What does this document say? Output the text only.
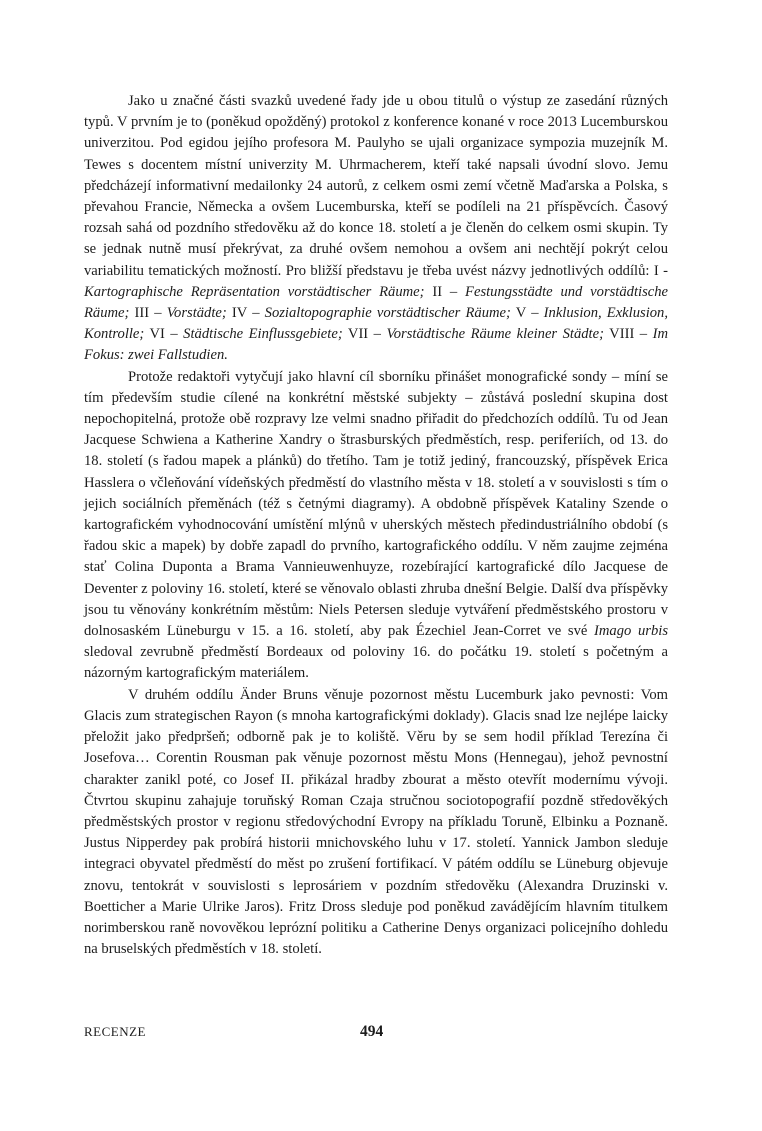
Jako u značné části svazků uvedené řady jde u obou titulů o výstup ze zasedání různých typů. V prvním je to (poněkud opožděný) protokol z konference konané v roce 2013 Lucemburskou univerzitou. Pod egidou jejího profesora M. Paulyho se ujali organizace sympozia muzejník M. Tewes s docentem místní univerzity M. Uhrmacherem, kteří také napsali úvodní slovo. Jemu předcházejí informativní medailonky 24 autorů, z celkem osmi zemí včetně Maďarska a Polska, s převahou Francie, Německa a ovšem Lucemburska, kteří se podíleli na 21 příspěvcích. Časový rozsah sahá od pozdního středověku až do konce 18. století a je členěn do celkem osmi skupin. Ty se jednak nutně musí překrývat, za druhé ovšem nemohou a ovšem ani nechtějí pokrýt celou variabilitu tematických možností. Pro bližší představu je třeba uvést názvy jednotlivých oddílů: I - Kartographische Repräsentation vorstädtischer Räume; II – Festungsstädte und vorstädtische Räume; III – Vorstädte; IV – Sozialtopographie vorstädtischer Räume; V – Inklusion, Exklusion, Kontrolle; VI – Städtische Einflussgebiete; VII – Vorstädtische Räume kleiner Städte; VIII – Im Fokus: zwei Fallstudien.

Protože redaktoři vytyčují jako hlavní cíl sborníku přinášet monografické sondy – míní se tím především studie cílené na konkrétní městské subjekty – zůstává poslední skupina dost nepochopitelná, protože obě rozpravy lze velmi snadno přiřadit do předchozích oddílů. Tu od Jean Jacquese Schwiena a Katherine Xandry o štrasburských předměstích, resp. periferiích, od 13. do 18. století (s řadou mapek a plánků) do třetího. Tam je totiž jediný, francouzský, příspěvek Erica Hasslera o včleňování vídeňských předměstí do vlastního města v 18. století a v souvislosti s tím o jejich sociálních přeměnách (též s četnými diagramy). A obdobně příspěvek Kataliny Szende o kartografickém vyhodnocování umístění mlýnů v uherských městech předindustriálního období (s řadou skic a mapek) by dobře zapadl do prvního, kartografického oddílu. V něm zaujme zejména stať Colina Duponta a Brama Vannieuwenhuyze, rozebírající kartografické dílo Jacquese de Deventer z poloviny 16. století, které se věnovalo oblasti zhruba dnešní Belgie. Další dva příspěvky jsou tu věnovány konkrétním městům: Niels Petersen sleduje vytváření předměstského prostoru v dolnosaském Lüneburgu v 15. a 16. století, aby pak Ézechiel Jean-Corret ve své Imago urbis sledoval zevrubně předměstí Bordeaux od poloviny 16. do počátku 19. století s početným a názorným kartografickým materiálem.

V druhém oddílu Änder Bruns věnuje pozornost městu Lucemburk jako pevnosti: Vom Glacis zum strategischen Rayon (s mnoha kartografickými doklady). Glacis snad lze nejlépe laicky přeložit jako předpršeň; odborně pak je to koliště. Věru by se sem hodil příklad Terezína či Josefova… Corentin Rousman pak věnuje pozornost městu Mons (Hennegau), jehož pevnostní charakter zanikl poté, co Josef II. přikázal hradby zbourat a město otevřít modernímu vývoji. Čtvrtou skupinu zahajuje toruňský Roman Czaja stručnou sociotopografií pozdně středověkých předměstských prostor v regionu středovýchodní Evropy na příkladu Toruně, Elbinku a Poznaně. Justus Nipperdey pak probírá historii mnichovského luhu v 17. století. Yannick Jambon sleduje integraci obyvatel předměstí do měst po zrušení fortifikací. V pátém oddílu se Lüneburg objevuje znovu, tentokrát v souvislosti s leprosáriem v pozdním středověku (Alexandra Druzinski v. Boetticher a Marie Ulrike Jaros). Fritz Dross sleduje pod poněkud zavádějícím hlavním titulkem norimberskou raně novověkou leprózní politiku a Catherine Denys organizaci policejního dohledu na bruselských předměstích v 18. století.

RECENZE	494
